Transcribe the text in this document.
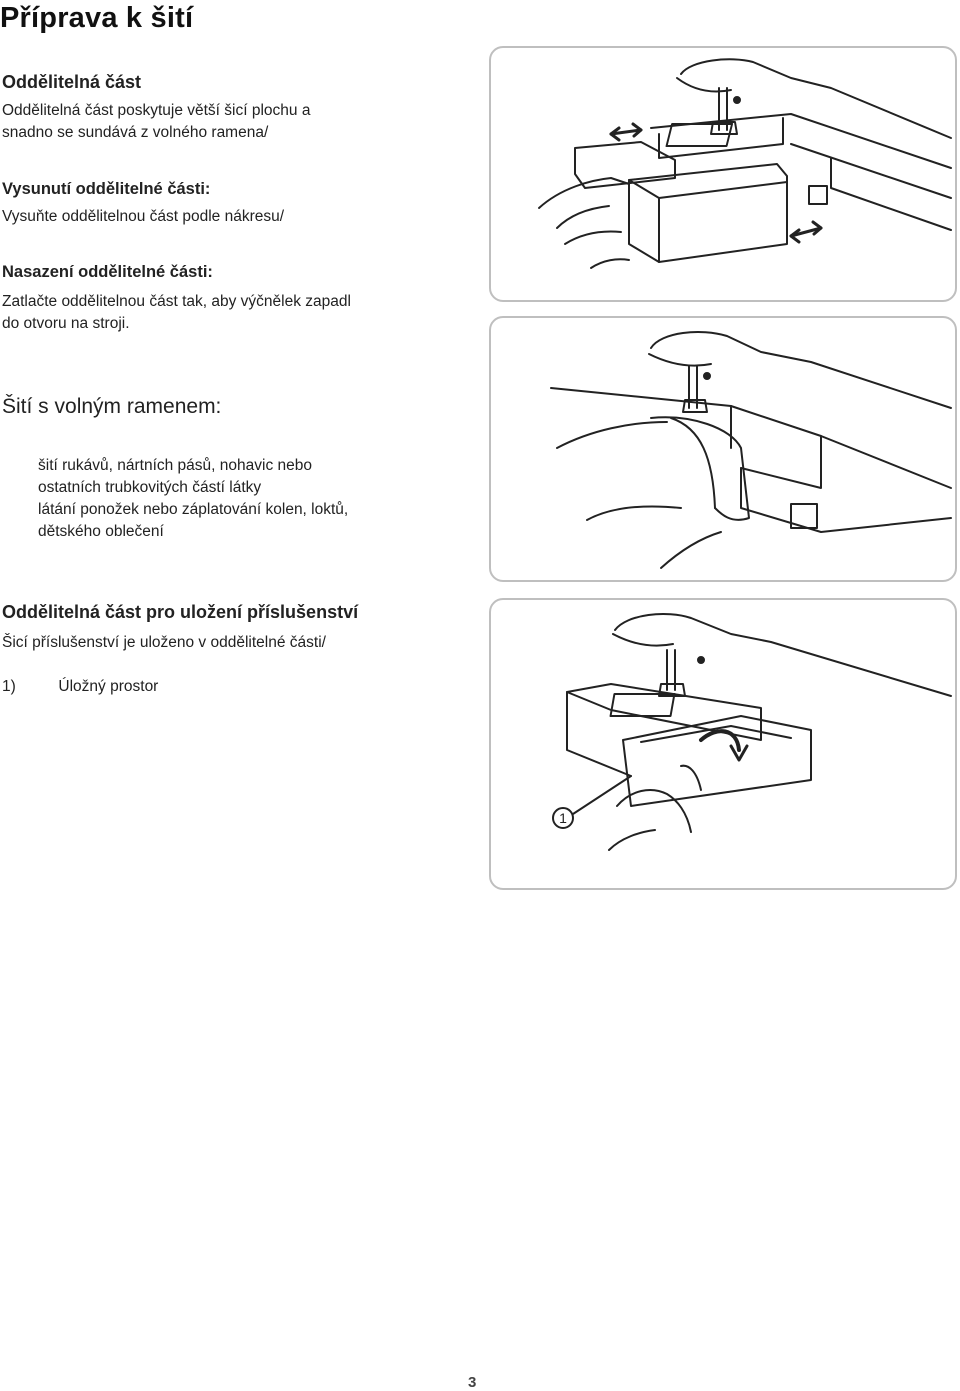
Příprava k šití
Oddělitelná část
Oddělitelná část poskytuje větší šicí plochu a
snadno se sundává z volného ramena/
Vysunutí oddělitelné části:
Vysuňte oddělitelnou část podle nákresu/
Nasazení oddělitelné části:
Zatlačte oddělitelnou část tak, aby výčnělek zapadl
do otvoru na stroji.
Šití s volným ramenem:
šití rukávů, nártních pásů, nohavic nebo
ostatních trubkovitých částí látky
látání ponožek nebo záplatování kolen, loktů,
dětského oblečení
Oddělitelná část pro uložení příslušenství
Šicí příslušenství je uloženo v oddělitelné části/
1)	Úložný prostor
1
3
